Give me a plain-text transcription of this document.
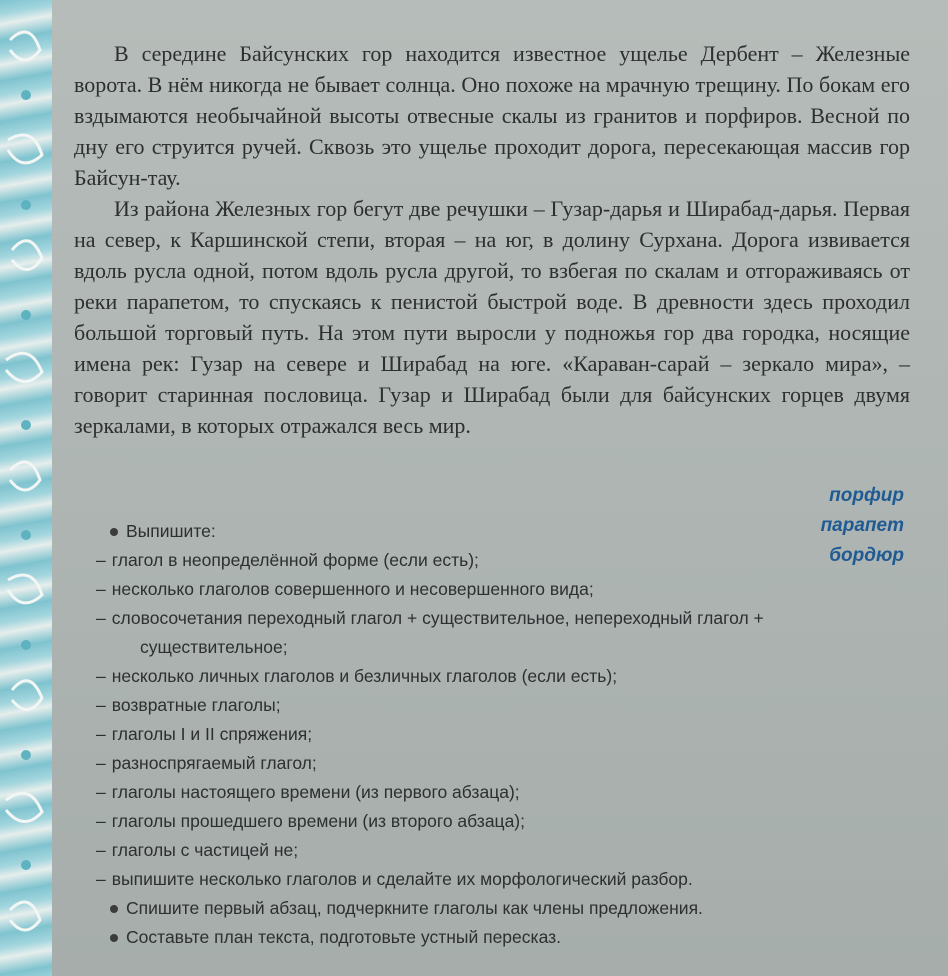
В середине Байсунских гор находится известное ущелье Дербент – Железные ворота. В нём никогда не бывает солнца. Оно похоже на мрачную трещину. По бокам его вздымаются необычайной высоты отвесные скалы из гранитов и порфиров. Весной по дну его струится ручей. Сквозь это ущелье проходит дорога, пересекающая массив гор Байсун-тау.

Из района Железных гор бегут две речушки – Гузар-дарья и Ширабад-дарья. Первая на север, к Каршинской степи, вторая – на юг, в долину Сурхана. Дорога извивается вдоль русла одной, потом вдоль русла другой, то взбегая по скалам и отгораживаясь от реки парапетом, то спускаясь к пенистой быстрой воде. В древности здесь проходил большой торговый путь. На этом пути выросли у подножья гор два городка, носящие имена рек: Гузар на севере и Ширабад на юге. «Караван-сарай – зеркало мира», – говорит старинная пословица. Гузар и Ширабад были для байсунских горцев двумя зеркалами, в которых отражался весь мир.

порфир
парапет
бордюр
Выпишите:
– глагол в неопределённой форме (если есть);
– несколько глаголов совершенного и несовершенного вида;
– словосочетания переходный глагол + существительное, непереходный глагол +
существительное;
– несколько личных глаголов и безличных глаголов (если есть);
– возвратные глаголы;
– глаголы I и II спряжения;
– разноспрягаемый глагол;
– глаголы настоящего времени (из первого абзаца);
– глаголы прошедшего времени (из второго абзаца);
– глаголы с частицей не;
– выпишите несколько глаголов и сделайте их морфологический разбор.
Спишите первый абзац, подчеркните глаголы как члены предложения.
Составьте план текста, подготовьте устный пересказ.
